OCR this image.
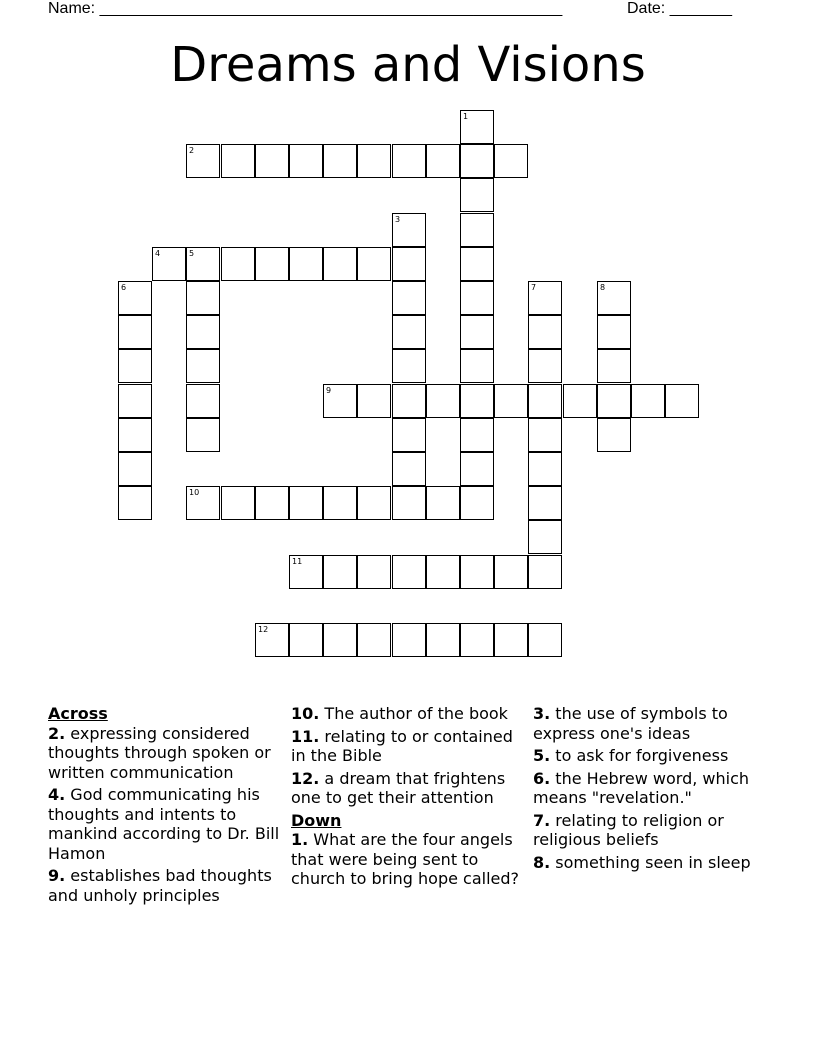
Name: ____________________________________________________	Date: _______
Dreams and Visions
1
2
3
4	5
6	7	8
9
10
11
12
Across
2. expressing considered thoughts through spoken or written communication
4. God communicating his thoughts and intents to mankind according to Dr. Bill Hamon
9. establishes bad thoughts and unholy principles
10. The author of the book
11. relating to or contained in the Bible
12. a dream that frightens one to get their attention
Down
1. What are the four angels that were being sent to church to bring hope called?
3. the use of symbols to express one's ideas
5. to ask for forgiveness
6. the Hebrew word, which means "revelation."
7. relating to religion or religious beliefs
8. something seen in sleep
